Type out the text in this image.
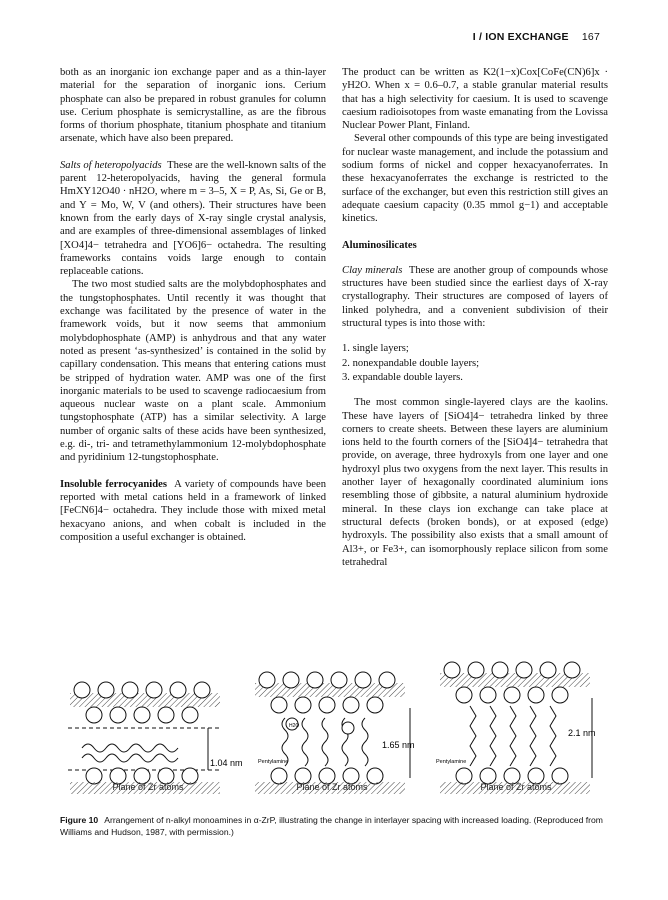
I / ION EXCHANGE 167

both as an inorganic ion exchange paper and as a thin-layer material for the separation of inorganic ions. Cerium phosphate can also be prepared in robust granules for column use. Cerium phosphate is semicrystalline, as are the fibrous forms of thorium phosphate, titanium phosphate and titanium arsenate, which have also been prepared.

Salts of heteropolyacids These are the well-known salts of the parent 12-heteropolyacids, having the general formula HmXY12O40 · nH2O, where m = 3–5, X = P, As, Si, Ge or B, and Y = Mo, W, V (and others). Their structures have been known from the early days of X-ray single crystal analysis, and are examples of three-dimensional assemblages of linked [XO4]4− tetrahedra and [YO6]6− octahedra. The resulting frameworks contains voids large enough to contain replaceable cations.

The two most studied salts are the molybdophosphates and the tungstophosphates. Until recently it was thought that exchange was facilitated by the presence of water in the framework voids, but it now seems that ammonium molybdophosphate (AMP) is anhydrous and that any water noted as present ‘as-synthesized’ is contained in the solid by capillary condensation. This means that entering cations must be stripped of hydration water. AMP was one of the first inorganic materials to be used to scavenge radiocaesium from aqueous nuclear waste on a plant scale. Ammonium tungstophosphate (ATP) has a similar selectivity. A large number of organic salts of these acids have been synthesized, e.g. di-, tri- and tetramethylammonium 12-molybdophosphate and pyridinium 12-tungstophosphate.

Insoluble ferrocyanides A variety of compounds have been reported with metal cations held in a framework of linked [FeCN6]4− octahedra. They include those with mixed metal hexacyano anions, and when cobalt is included in the composition a useful exchanger is obtained.

The product can be written as K2(1−x)Cox[CoFe(CN)6]x · yH2O. When x = 0.6–0.7, a stable granular material results that has a high selectivity for caesium. It is used to scavenge caesium radioisotopes from waste emanating from the Lovissa Nuclear Power Plant, Finland.

Several other compounds of this type are being investigated for nuclear waste management, and include the potassium and sodium forms of nickel and copper hexacyanoferrates. In these hexacyanoferrates the exchange is restricted to the surface of the exchanger, but even this restriction still gives an adequate caesium capacity (0.35 mmol g−1) and acceptable kinetics.

Aluminosilicates

Clay minerals These are another group of compounds whose structures have been studied since the earliest days of X-ray crystallography. Their structures are composed of layers of linked polyhedra, and a convenient subdivision of their structural types is into those with:

1. single layers;
2. nonexpandable double layers;
3. expandable double layers.

The most common single-layered clays are the kaolins. These have layers of [SiO4]4− tetrahedra linked by three corners to create sheets. Between these layers are aluminium ions held to the fourth corners of the [SiO4]4− tetrahedra that provide, on average, three hydroxyls from one layer and one hydroxyl plus two oxygens from the next layer. This results in another layer of hexagonally coordinated aluminium ions resembling those of gibbsite, a natural aluminium hydroxide mineral. In these clays ion exchange can take place at structural defects (broken bonds), or at exposed (edge) hydroxyls. The possibility also exists that a small amount of Al3+, or Fe3+, can isomorphously replace silicon from some tetrahedral

1.04 nm
Plane of Zr atoms
H2O
1.65 nm
Pentylamine
Plane of Zr atoms
2.1 nm
Pentylamine
Plane of Zr atoms
Figure 10 Arrangement of n-alkyl monoamines in α-ZrP, illustrating the change in interlayer spacing with increased loading. (Reproduced from Williams and Hudson, 1987, with permission.)
